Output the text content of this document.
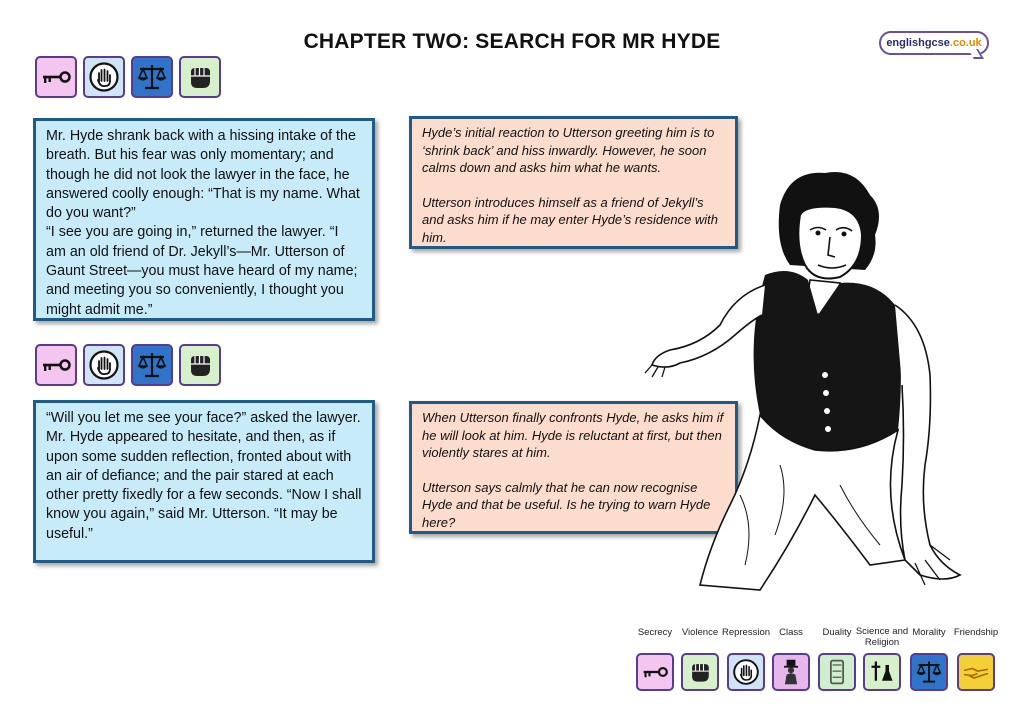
CHAPTER TWO: SEARCH FOR MR HYDE	englishgcse .co.uk

Mr. Hyde shrank back with a hissing intake of the breath. But his fear was only momentary; and though he did not look the lawyer in the face, he answered coolly enough: “That is my name. What do you want?”

“I see you are going in,” returned the lawyer. “I am an old friend of Dr. Jekyll’s—Mr. Utterson of Gaunt Street—you must have heard of my name; and meeting you so conveniently, I thought you might admit me.”

Hyde’s initial reaction to Utterson greeting him is to ‘shrink back’ and hiss inwardly. However, he soon calms down and asks him what he wants.

Utterson introduces himself as a friend of Jekyll’s and asks him if he may enter Hyde’s residence with him.

“Will you let me see your face?” asked the lawyer.

Mr. Hyde appeared to hesitate, and then, as if upon some sudden reflection, fronted about with an air of defiance; and the pair stared at each other pretty fixedly for a few seconds. “Now I shall know you again,” said Mr. Utterson. “It may be useful.”

When Utterson finally confronts Hyde, he asks him if he will look at him. Hyde is reluctant at first, but then violently stares at him.

Utterson says calmly that he can now recognise Hyde and that be useful. Is he trying to warn Hyde here?

Secrecy	Violence Repression Class	Duality Science and Religion
Morality Friendship
